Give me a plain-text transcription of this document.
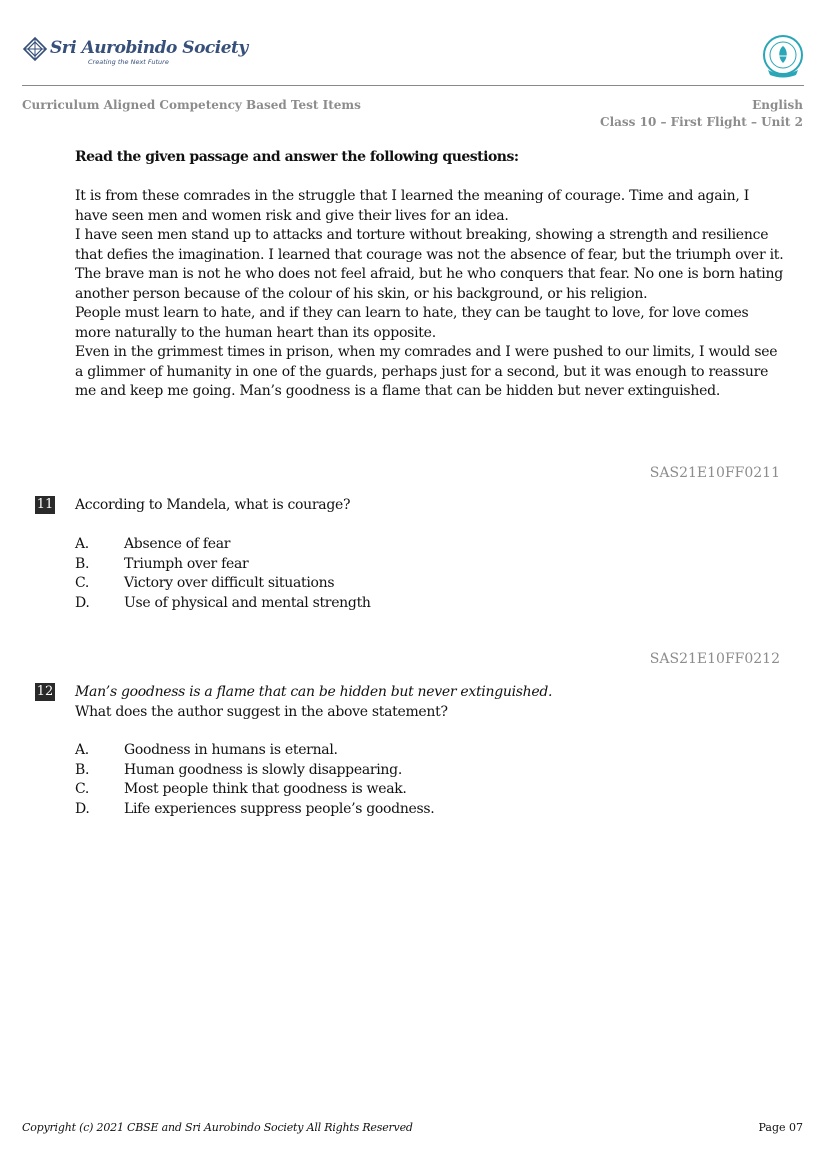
Sri Aurobindo Society
Creating the Next Future
Curriculum Aligned Competency Based Test Items	English
Class 10 – First Flight – Unit 2
Read the given passage and answer the following questions:

It is from these comrades in the struggle that I learned the meaning of courage. Time and again, I have seen men and women risk and give their lives for an idea.

I have seen men stand up to attacks and torture without breaking, showing a strength and resilience that defies the imagination. I learned that courage was not the absence of fear, but the triumph over it.

The brave man is not he who does not feel afraid, but he who conquers that fear. No one is born hating another person because of the colour of his skin, or his background, or his religion.

People must learn to hate, and if they can learn to hate, they can be taught to love, for love comes more naturally to the human heart than its opposite.

Even in the grimmest times in prison, when my comrades and I were pushed to our limits, I would see a glimmer of humanity in one of the guards, perhaps just for a second, but it was enough to reassure me and keep me going. Man’s goodness is a flame that can be hidden but never extinguished.

SAS21E10FF0211
11 According to Mandela, what is courage?
A.	Absence of fear
B. Triumph over fear
C. Victory over difficult situations
D. Use of physical and mental strength
SAS21E10FF0212
12 Man’s goodness is a flame that can be hidden but never extinguished.
What does the author suggest in the above statement?
A.	Goodness in humans is eternal.
B. Human goodness is slowly disappearing.
C. Most people think that goodness is weak.
D. Life experiences suppress people’s goodness.
Copyright (c) 2021 CBSE and Sri Aurobindo Society All Rights Reserved	Page 07
